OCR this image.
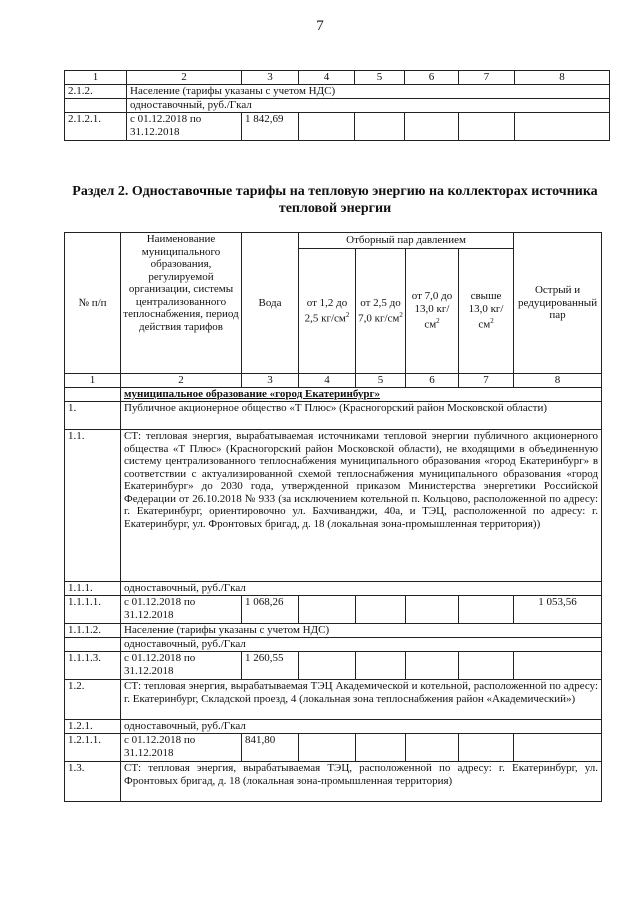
7
1	2	3	4	5	6	7	8
2.1.2.	Население (тарифы указаны с учетом НДС)						
	одноставочный, руб./Гкал						
2.1.2.1.	с 01.12.2018 по 31.12.2018	1 842,69					
Раздел 2. Одноставочные тарифы на тепловую энергию на коллекторах источника тепловой энергии
№ п/п	Наименование муниципального образования, регулируемой организации, системы централизованного теплоснабжения, период действия тарифов	Вода	Отборный пар давлением				Острый и редуцированный пар
			от 1,2 до 2,5 $кг/см^2$	от 2,5 до 7,0 $кг/см^2$	от 7,0 до 13,0 $кг/см^2$	свыше 13,0 $кг/см^2$
1	2	3	4	5	6	7	8
	муниципальное образование «город Екатеринбург»						
1.	Публичное акционерное общество «Т Плюс» (Красногорский район Московской области)						
1.1.	СТ: тепловая энергия, вырабатываемая источниками тепловой энергии публичного акционерного общества «Т Плюс» (Красногорский район Московской области), не входящими в объединенную систему централизованного теплоснабжения муниципального образования «город Екатеринбург» в соответствии с актуализированной схемой теплоснабжения муниципального образования «город Екатеринбург» до 2030 года, утвержденной приказом Министерства энергетики Российской Федерации от 26.10.2018 № 933 (за исключением котельной п. Кольцово, расположенной по адресу: г. Екатеринбург, ориентировочно ул. Бахчиванджи, 40а, и ТЭЦ, расположенной по адресу: г. Екатеринбург, ул. Фронтовых бригад, д. 18 (локальная зона-промышленная территория))						
1.1.1.	одноставочный, руб./Гкал						
1.1.1.1.	с 01.12.2018 по 31.12.2018	1 068,26					1 053,56
1.1.1.2.	Население (тарифы указаны с учетом НДС)						
	одноставочный, руб./Гкал						
1.1.1.3.	с 01.12.2018 по 31.12.2018	1 260,55					
1.2.	СТ: тепловая энергия, вырабатываемая ТЭЦ Академической и котельной, расположенной по адресу: г. Екатеринбург, Складской проезд, 4 (локальная зона теплоснабжения район «Академический»)						
1.2.1.	одноставочный, руб./Гкал						
1.2.1.1.	с 01.12.2018 по 31.12.2018	841,80					
1.3.	СТ: тепловая энергия, вырабатываемая ТЭЦ, расположенной по адресу: г. Екатеринбург, ул. Фронтовых бригад, д. 18 (локальная зона-промышленная территория)						
